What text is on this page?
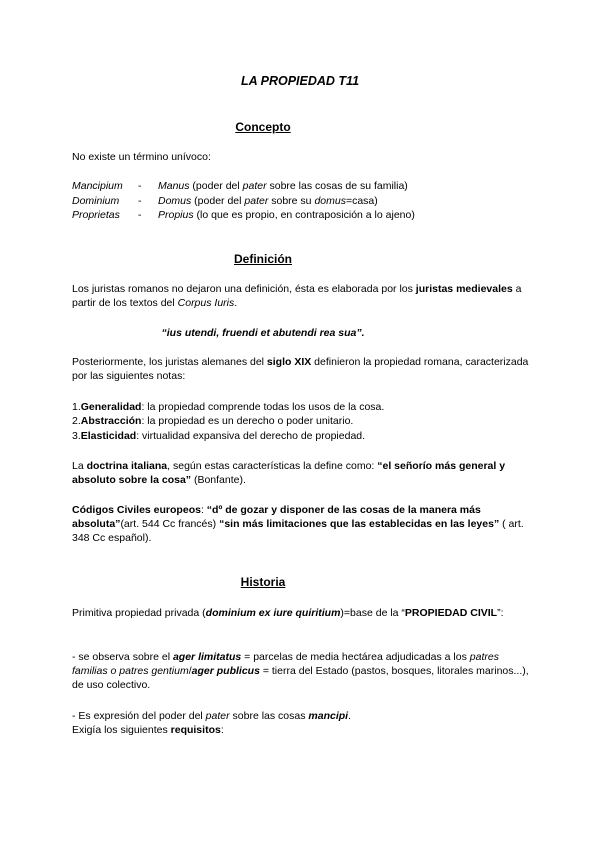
LA PROPIEDAD T11
Concepto
No existe un término unívoco:
Mancipium - Manus (poder del pater sobre las cosas de su familia)
Dominium - Domus (poder del pater sobre su domus=casa)
Proprietas - Propius (lo que es propio, en contraposición a lo ajeno)
Definición
Los juristas romanos no dejaron una definición, ésta es elaborada por los juristas medievales a partir de los textos del Corpus Iuris.
“ius utendi, fruendi et abutendi rea sua”.
Posteriormente, los juristas alemanes del siglo XIX definieron la propiedad romana, caracterizada por las siguientes notas:
1.Generalidad: la propiedad comprende todas los usos de la cosa.
2.Abstracción: la propiedad es un derecho o poder unitario.
3.Elasticidad: virtualidad expansiva del derecho de propiedad.
La doctrina italiana, según estas características la define como: “el señorío más general y absoluto sobre la cosa” (Bonfante).
Códigos Civiles europeos: “dº de gozar y disponer de las cosas de la manera más absoluta”(art. 544 Cc francés) “sin más limitaciones que las establecidas en las leyes” ( art. 348 Cc español).
Historia
Primitiva propiedad privada (dominium ex iure quiritium)=base de la “PROPIEDAD CIVIL”:
- se observa sobre el ager limitatus = parcelas de media hectárea adjudicadas a los patres familias o patres gentium/ager publicus = tierra del Estado (pastos, bosques, litorales marinos...), de uso colectivo.
- Es expresión del poder del pater sobre las cosas mancipi.
Exigía los siguientes requisitos:
